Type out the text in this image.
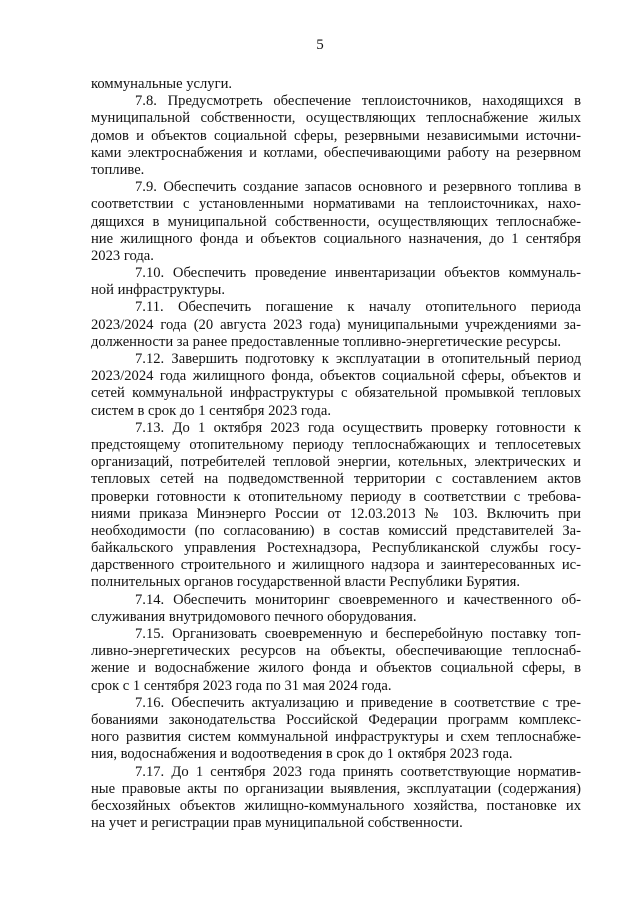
5
коммунальные услуги.
7.8. Предусмотреть обеспечение теплоисточников, находящихся в
муниципальной собственности, осуществляющих теплоснабжение жилых
домов и объектов социальной сферы, резервными независимыми источни-
ками электроснабжения и котлами, обеспечивающими работу на резервном
топливе.
7.9. Обеспечить создание запасов основного и резервного топлива в
соответствии с установленными нормативами на теплоисточниках, нахо-
дящихся в муниципальной собственности, осуществляющих теплоснабже-
ние жилищного фонда и объектов социального назначения, до 1 сентября
2023 года.
7.10. Обеспечить проведение инвентаризации объектов коммуналь-
ной инфраструктуры.
7.11. Обеспечить погашение к началу отопительного периода
2023/2024 года (20 августа 2023 года) муниципальными учреждениями за-
долженности за ранее предоставленные топливно-энергетические ресурсы.
7.12. Завершить подготовку к эксплуатации в отопительный период
2023/2024 года жилищного фонда, объектов социальной сферы, объектов и
сетей коммунальной инфраструктуры с обязательной промывкой тепловых
систем в срок до 1 сентября 2023 года.
7.13. До 1 октября 2023 года осуществить проверку готовности к
предстоящему отопительному периоду теплоснабжающих и теплосетевых
организаций, потребителей тепловой энергии, котельных, электрических и
тепловых сетей на подведомственной территории с составлением актов
проверки готовности к отопительному периоду в соответствии с требова-
ниями приказа Минэнерго России от 12.03.2013 № 103. Включить при
необходимости (по согласованию) в состав комиссий представителей За-
байкальского управления Ростехнадзора, Республиканской службы госу-
дарственного строительного и жилищного надзора и заинтересованных ис-
полнительных органов государственной власти Республики Бурятия.
7.14. Обеспечить мониторинг своевременного и качественного об-
служивания внутридомового печного оборудования.
7.15. Организовать своевременную и бесперебойную поставку топ-
ливно-энергетических ресурсов на объекты, обеспечивающие теплоснаб-
жение и водоснабжение жилого фонда и объектов социальной сферы, в
срок с 1 сентября 2023 года по 31 мая 2024 года.
7.16. Обеспечить актуализацию и приведение в соответствие с тре-
бованиями законодательства Российской Федерации программ комплекс-
ного развития систем коммунальной инфраструктуры и схем теплоснабже-
ния, водоснабжения и водоотведения в срок до 1 октября 2023 года.
7.17. До 1 сентября 2023 года принять соответствующие норматив-
ные правовые акты по организации выявления, эксплуатации (содержания)
бесхозяйных объектов жилищно-коммунального хозяйства, постановке их
на учет и регистрации прав муниципальной собственности.
